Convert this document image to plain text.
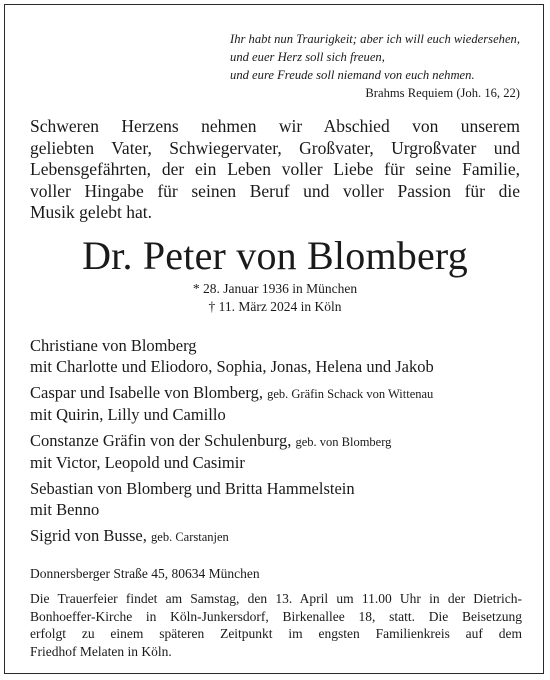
Ihr habt nun Traurigkeit; aber ich will euch wiedersehen,
und euer Herz soll sich freuen,
und eure Freude soll niemand von euch nehmen.
Brahms Requiem (Joh. 16, 22)
Schweren Herzens nehmen wir Abschied von unserem
geliebten Vater, Schwiegervater, Großvater, Urgroßvater und
Lebensgefährten, der ein Leben voller Liebe für seine Familie,
voller Hingabe für seinen Beruf und voller Passion für die
Musik gelebt hat.
Dr. Peter von Blomberg
* 28. Januar 1936 in München
† 11. März 2024 in Köln
Christiane von Blomberg
mit Charlotte und Eliodoro, Sophia, Jonas, Helena und Jakob
Caspar und Isabelle von Blomberg, geb. Gräfin Schack von Wittenau
mit Quirin, Lilly und Camillo
Constanze Gräfin von der Schulenburg, geb. von Blomberg
mit Victor, Leopold und Casimir
Sebastian von Blomberg und Britta Hammelstein
mit Benno
Sigrid von Busse, geb. Carstanjen
Donnersberger Straße 45, 80634 München
Die Trauerfeier findet am Samstag, den 13. April um 11.00 Uhr in der Dietrich-
Bonhoeffer-Kirche in Köln-Junkersdorf, Birkenallee 18, statt. Die Beisetzung
erfolgt zu einem späteren Zeitpunkt im engsten Familienkreis auf dem
Friedhof Melaten in Köln.
